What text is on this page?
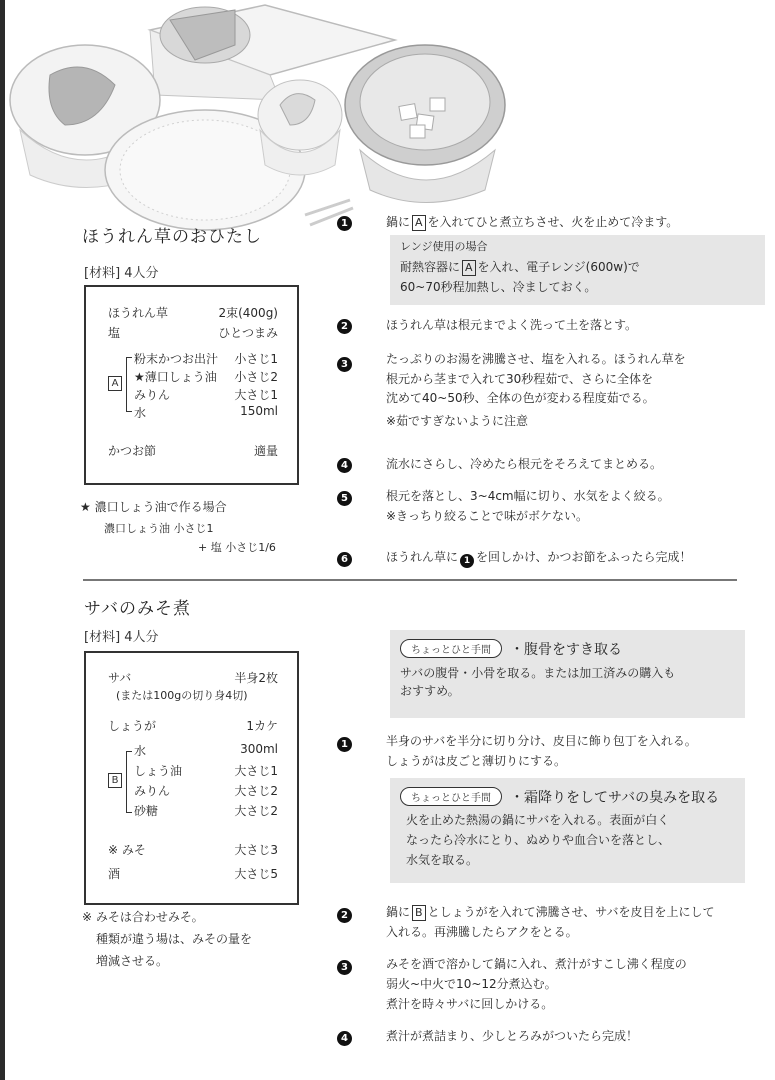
ほうれん草のおひたし
[材料] 4人分
ほうれん草	2束(400g)
塩	ひとつまみ
A
粉末かつお出汁 小さじ1
★薄口しょう油 小さじ2
みりん	大さじ1
水	150ml
かつお節	適量
★ 濃口しょう油で作る場合
濃口しょう油 小さじ1
+ 塩 小さじ1/6
1	鍋に A を入れてひと煮立ちさせ、火を止めて冷ます。
レンジ使用の場合
耐熱容器に A を入れ、電子レンジ(600w)で
60~70秒程加熱し、冷ましておく。
2	ほうれん草は根元までよく洗って土を落とす。
3	たっぷりのお湯を沸騰させ、塩を入れる。ほうれん草を
根元から茎まで入れて30秒程茹で、さらに全体を
沈めて40~50秒、全体の色が変わる程度茹でる。
※茹ですぎないように注意
4	流水にさらし、冷めたら根元をそろえてまとめる。
5	根元を落とし、3~4cm幅に切り、水気をよく絞る。
※きっちり絞ることで味がボケない。
6	ほうれん草に 1 を回しかけ、かつお節をふったら完成！
サバのみそ煮
[材料] 4人分
サバ	半身2枚
(または100gの切り身4切)
しょうが	1カケ
B
水	300ml
しょう油	大さじ1
みりん	大さじ2
砂糖	大さじ2
※ みそ	大さじ3
酒	大さじ5
※ みそは合わせみそ。
種類が違う場は、みその量を
増減させる。
ちょっとひと手間 ・腹骨をすき取る
サバの腹骨・小骨を取る。または加工済みの購入も
おすすめ。
1	半身のサバを半分に切り分け、皮目に飾り包丁を入れる。
しょうがは皮ごと薄切りにする。
ちょっとひと手間 ・霜降りをしてサバの臭みを取る
火を止めた熱湯の鍋にサバを入れる。表面が白く
なったら冷水にとり、ぬめりや血合いを落とし、
水気を取る。
2	鍋に B としょうがを入れて沸騰させ、サバを皮目を上にして
入れる。再沸騰したらアクをとる。
3	みそを酒で溶かして鍋に入れ、煮汁がすこし沸く程度の
弱火~中火で10~12分煮込む。
煮汁を時々サバに回しかける。
4	煮汁が煮詰まり、少しとろみがついたら完成！
